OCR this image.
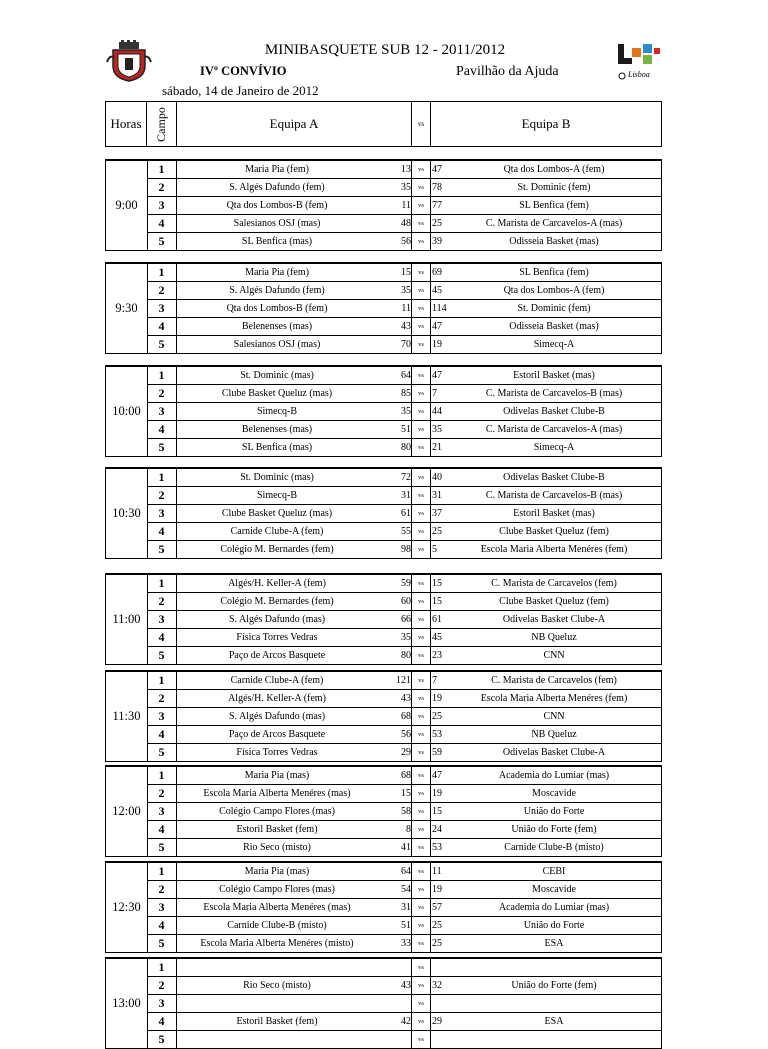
MINIBASQUETE SUB 12 - 2011/2012
IVº CONVÍVIO	Pavilhão da Ajuda
sábado, 14 de Janeiro de 2012
Lisboa
Horas	Campo	Equipa A	vs	Equipa B
9:00
1	Maria Pia (fem)	13	vs 47	Qta dos Lombos-A (fem)
2	S. Algés Dafundo (fem)	35	vs 78	St. Dominic (fem)
3	Qta dos Lombos-B (fem)	11	vs 77	SL Benfica (fem)
4	Salesianos OSJ (mas)	48	vs 25	C. Marista de Carcavelos-A (mas)
5	SL Benfica (mas)	56	vs 39	Odisseia Basket (mas)
9:30
1	Maria Pia (fem)	15	vs 69	SL Benfica (fem)
2	S. Algés Dafundo (fem)	35	vs 45	Qta dos Lombos-A (fem)
3	Qta dos Lombos-B (fem)	11	vs 114	St. Dominic (fem)
4	Belenenses (mas)	43	vs 47	Odisseia Basket (mas)
5	Salesianos OSJ (mas)	70	vs 19	Simecq-A
10:00
1	St. Dominic (mas)	64	vs 47	Estoril Basket (mas)
2	Clube Basket Queluz (mas)	85	vs 7	C. Marista de Carcavelos-B (mas)
3	Simecq-B	35	vs 44	Odivelas Basket Clube-B
4	Belenenses (mas)	51	vs 35	C. Marista de Carcavelos-A (mas)
5	SL Benfica (mas)	80	vs 21	Simecq-A
10:30
1	St. Dominic (mas)	72	vs 40	Odivelas Basket Clube-B
2	Simecq-B	31	vs 31	C. Marista de Carcavelos-B (mas)
3	Clube Basket Queluz (mas)	61	vs 37	Estoril Basket (mas)
4	Carnide Clube-A (fem)	55	vs 25	Clube Basket Queluz (fem)
5	Colégio M. Bernardes (fem)	98	vs 5	Escola Maria Alberta Menéres (fem)
11:00
1	Algés/H. Keller-A (fem)	59	vs 15	C. Marista de Carcavelos (fem)
2	Colégio M. Bernardes (fem)	60	vs 15	Clube Basket Queluz (fem)
3	S. Algés Dafundo (mas)	66	vs 61	Odivelas Basket Clube-A
4	Física Torres Vedras	35	vs 45	NB Queluz
5	Paço de Arcos Basquete	80	vs 23	CNN
11:30
1	Carnide Clube-A (fem)	121	vs 7	C. Marista de Carcavelos (fem)
2	Algés/H. Keller-A (fem)	43	vs 19	Escola Maria Alberta Menéres (fem)
3	S. Algés Dafundo (mas)	68	vs 25	CNN
4	Paço de Arcos Basquete	56	vs 53	NB Queluz
5	Física Torres Vedras	29	vs 59	Odivelas Basket Clube-A
12:00
1	Maria Pia (mas)	68	vs 47	Academia do Lumiar (mas)
2	Escola Maria Alberta Menéres (mas)	15	vs 19	Moscavide
3	Colégio Campo Flores (mas)	58	vs 15	União do Forte
4	Estoril Basket (fem)	8	vs 24	União do Forte (fem)
5	Rio Seco (misto)	41	vs 53	Carnide Clube-B (misto)
12:30
1	Maria Pia (mas)	64	vs 11	CEBI
2	Colégio Campo Flores (mas)	54	vs 19	Moscavide
3	Escola Maria Alberta Menéres (mas)	31	vs 57	Academia do Lumiar (mas)
4	Carnide Clube-B (misto)	51	vs 25	União do Forte
5	Escola Maria Alberta Menéres (misto)	33	vs 25	ESA
13:00
1	vs
2	Rio Seco (misto)	43	vs 32	União do Forte (fem)
3	vs
4	Estoril Basket (fem)	42	vs 29	ESA
5	vs
